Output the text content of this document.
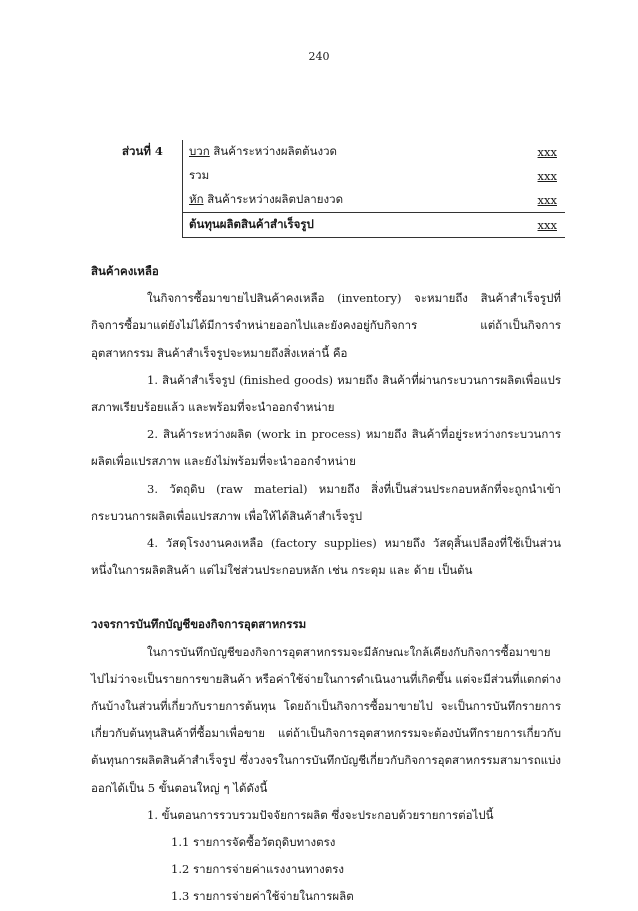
240
ส่วนที่ 4	บวก สินค้าระหว่างผลิตต้นงวด	xxx
	รวม	xxx
	หัก สินค้าระหว่างผลิตปลายงวด	xxx
	ต้นทุนผลิตสินค้าสำเร็จรูป	xxx

สินค้าคงเหลือ

ในกิจการซื้อมาขายไปสินค้าคงเหลือ (inventory) จะหมายถึง สินค้าสำเร็จรูปที่กิจการซื้อมาแต่ยังไม่ได้มีการจำหน่ายออกไปและยังคงอยู่กับกิจการ แต่ถ้าเป็นกิจการอุตสาหกรรม สินค้าสำเร็จรูปจะหมายถึงสิ่งเหล่านี้ คือ

1. สินค้าสำเร็จรูป (finished goods) หมายถึง สินค้าที่ผ่านกระบวนการผลิตเพื่อแปรสภาพเรียบร้อยแล้ว และพร้อมที่จะนำออกจำหน่าย

2. สินค้าระหว่างผลิต (work in process) หมายถึง สินค้าที่อยู่ระหว่างกระบวนการผลิตเพื่อแปรสภาพ และยังไม่พร้อมที่จะนำออกจำหน่าย

3. วัตถุดิบ (raw material) หมายถึง สิ่งที่เป็นส่วนประกอบหลักที่จะถูกนำเข้ากระบวนการผลิตเพื่อแปรสภาพ เพื่อให้ได้สินค้าสำเร็จรูป

4. วัสดุโรงงานคงเหลือ (factory supplies) หมายถึง วัสดุสิ้นเปลืองที่ใช้เป็นส่วนหนึ่งในการผลิตสินค้า แต่ไม่ใช่ส่วนประกอบหลัก เช่น กระดุม และ ด้าย เป็นต้น

วงจรการบันทึกบัญชีของกิจการอุตสาหกรรม

ในการบันทึกบัญชีของกิจการอุตสาหกรรมจะมีลักษณะใกล้เคียงกับกิจการซื้อมาขายไปไม่ว่าจะเป็นรายการขายสินค้า หรือค่าใช้จ่ายในการดำเนินงานที่เกิดขึ้น แต่จะมีส่วนที่แตกต่างกันบ้างในส่วนที่เกี่ยวกับรายการต้นทุน โดยถ้าเป็นกิจการซื้อมาขายไป จะเป็นการบันทึกรายการเกี่ยวกับต้นทุนสินค้าที่ซื้อมาเพื่อขาย แต่ถ้าเป็นกิจการอุตสาหกรรมจะต้องบันทึกรายการเกี่ยวกับต้นทุนการผลิตสินค้าสำเร็จรูป ซึ่งวงจรในการบันทึกบัญชีเกี่ยวกับกิจการอุตสาหกรรมสามารถแบ่งออกได้เป็น 5 ขั้นตอนใหญ่ ๆ ได้ดังนี้

1. ขั้นตอนการรวบรวมปัจจัยการผลิต ซึ่งจะประกอบด้วยรายการต่อไปนี้

1.1 รายการจัดซื้อวัตถุดิบทางตรง

1.2 รายการจ่ายค่าแรงงานทางตรง

1.3 รายการจ่ายค่าใช้จ่ายในการผลิต
